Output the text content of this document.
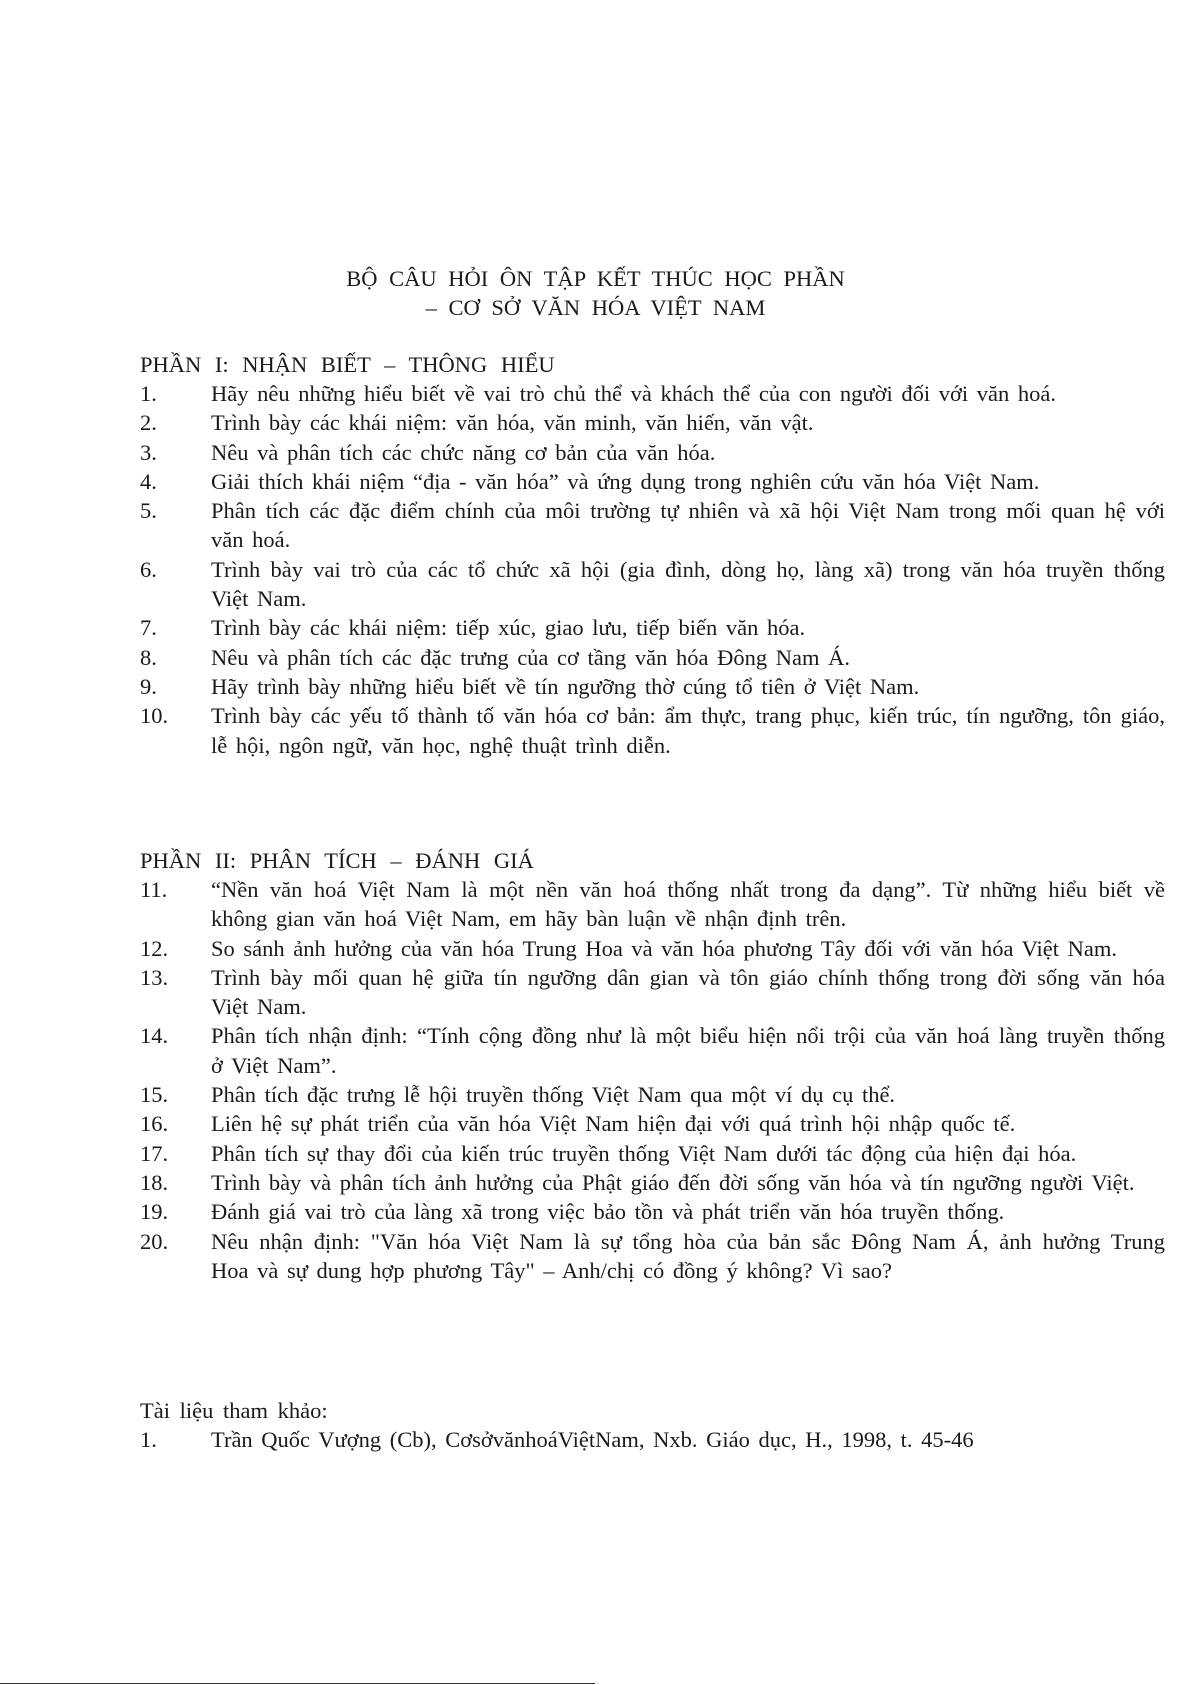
BỘ CÂU HỎI ÔN TẬP KẾT THÚC HỌC PHẦN
– CƠ SỞ VĂN HÓA VIỆT NAM
PHẦN I: NHẬN BIẾT – THÔNG HIỂU
1.	Hãy nêu những hiểu biết về vai trò chủ thể và khách thể của con người đối với văn hoá.
2.	Trình bày các khái niệm: văn hóa, văn minh, văn hiến, văn vật.
3.	Nêu và phân tích các chức năng cơ bản của văn hóa.
4.	Giải thích khái niệm “địa - văn hóa” và ứng dụng trong nghiên cứu văn hóa Việt Nam.
5.	Phân tích các đặc điểm chính của môi trường tự nhiên và xã hội Việt Nam trong mối quan hệ với văn hoá.
6.	Trình bày vai trò của các tổ chức xã hội (gia đình, dòng họ, làng xã) trong văn hóa truyền thống Việt Nam.
7.	Trình bày các khái niệm: tiếp xúc, giao lưu, tiếp biến văn hóa.
8.	Nêu và phân tích các đặc trưng của cơ tầng văn hóa Đông Nam Á.
9.	Hãy trình bày những hiểu biết về tín ngưỡng thờ cúng tổ tiên ở Việt Nam.
10.	Trình bày các yếu tố thành tố văn hóa cơ bản: ẩm thực, trang phục, kiến trúc, tín ngưỡng, tôn giáo, lễ hội, ngôn ngữ, văn học, nghệ thuật trình diễn.
PHẦN II: PHÂN TÍCH – ĐÁNH GIÁ
11.	“Nền văn hoá Việt Nam là một nền văn hoá thống nhất trong đa dạng”. Từ những hiểu biết về không gian văn hoá Việt Nam, em hãy bàn luận về nhận định trên.
12.	So sánh ảnh hưởng của văn hóa Trung Hoa và văn hóa phương Tây đối với văn hóa Việt Nam.
13.	Trình bày mối quan hệ giữa tín ngưỡng dân gian và tôn giáo chính thống trong đời sống văn hóa Việt Nam.
14.	Phân tích nhận định: “Tính cộng đồng như là một biểu hiện nổi trội của văn hoá làng truyền thống ở Việt Nam”.
15.	Phân tích đặc trưng lễ hội truyền thống Việt Nam qua một ví dụ cụ thể.
16.	Liên hệ sự phát triển của văn hóa Việt Nam hiện đại với quá trình hội nhập quốc tế.
17.	Phân tích sự thay đổi của kiến trúc truyền thống Việt Nam dưới tác động của hiện đại hóa.
18.	Trình bày và phân tích ảnh hưởng của Phật giáo đến đời sống văn hóa và tín ngưỡng người Việt.
19.	Đánh giá vai trò của làng xã trong việc bảo tồn và phát triển văn hóa truyền thống.
20.	Nêu nhận định: "Văn hóa Việt Nam là sự tổng hòa của bản sắc Đông Nam Á, ảnh hưởng Trung Hoa và sự dung hợp phương Tây" – Anh/chị có đồng ý không? Vì sao?
Tài liệu tham khảo:
1.	Trần Quốc Vượng (Cb), CơsởvănhoáViệtNam, Nxb. Giáo dục, H., 1998, t. 45-46
